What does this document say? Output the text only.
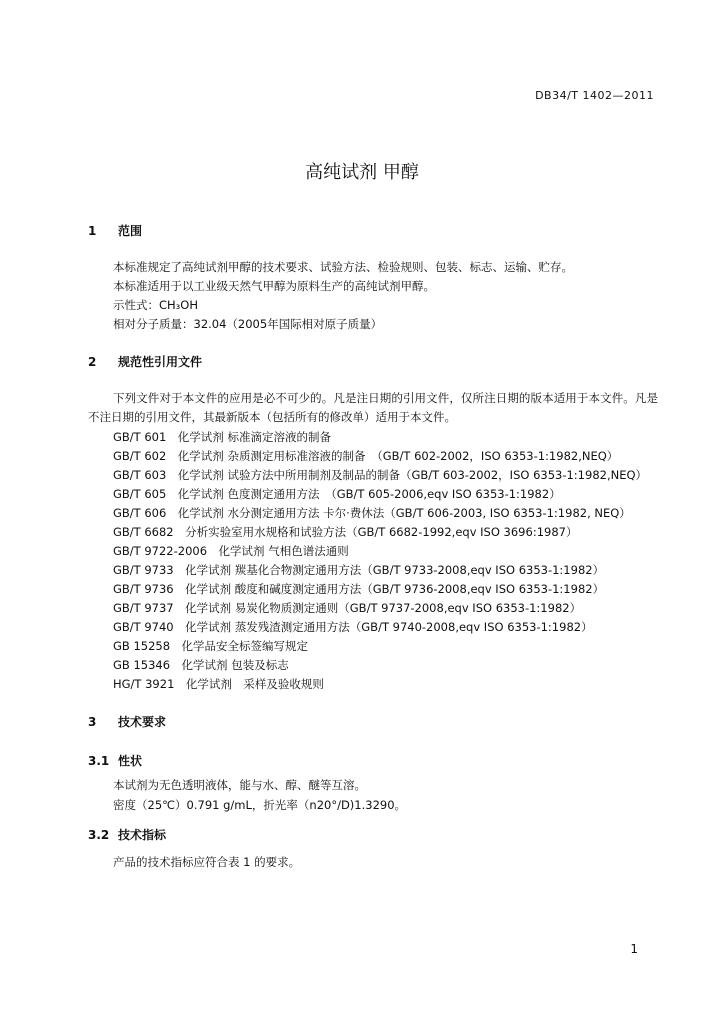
DB34/T 1402—2011
高纯试剂 甲醇
1 范围
本标准规定了高纯试剂甲醇的技术要求、试验方法、检验规则、包装、标志、运输、贮存。
本标准适用于以工业级天然气甲醇为原料生产的高纯试剂甲醇。
示性式：CH₃OH
相对分子质量：32.04（2005年国际相对原子质量）
2 规范性引用文件
下列文件对于本文件的应用是必不可少的。凡是注日期的引用文件，仅所注日期的版本适用于本文件。凡是不注日期的引用文件，其最新版本（包括所有的修改单）适用于本文件。
GB/T 601　化学试剂 标准滴定溶液的制备
GB/T 602　化学试剂 杂质测定用标准溶液的制备　（GB/T 602-2002，ISO 6353-1:1982,NEQ）
GB/T 603　化学试剂 试验方法中所用制剂及制品的制备（GB/T 603-2002，ISO 6353-1:1982,NEQ）
GB/T 605　化学试剂 色度测定通用方法　（GB/T 605-2006,eqv ISO 6353-1:1982）
GB/T 606　化学试剂 水分测定通用方法 卡尔·费休法（GB/T 606-2003, ISO 6353-1:1982, NEQ）
GB/T 6682　分析实验室用水规格和试验方法（GB/T 6682-1992,eqv ISO 3696:1987）
GB/T 9722-2006　化学试剂 气相色谱法通则
GB/T 9733　化学试剂 羰基化合物测定通用方法（GB/T 9733-2008,eqv ISO 6353-1:1982）
GB/T 9736　化学试剂 酸度和碱度测定通用方法（GB/T 9736-2008,eqv ISO 6353-1:1982）
GB/T 9737　化学试剂 易炭化物质测定通则（GB/T 9737-2008,eqv ISO 6353-1:1982）
GB/T 9740　化学试剂 蒸发残渣测定通用方法（GB/T 9740-2008,eqv ISO 6353-1:1982）
GB 15258　化学品安全标签编写规定
GB 15346　化学试剂 包装及标志
HG/T 3921　化学试剂　采样及验收规则
3 技术要求
3.1 性状
本试剂为无色透明液体，能与水、醇、醚等互溶。
密度（25℃）0.791 g/mL，折光率（n20°/D)1.3290。
3.2 技术指标
产品的技术指标应符合表 1 的要求。
1
